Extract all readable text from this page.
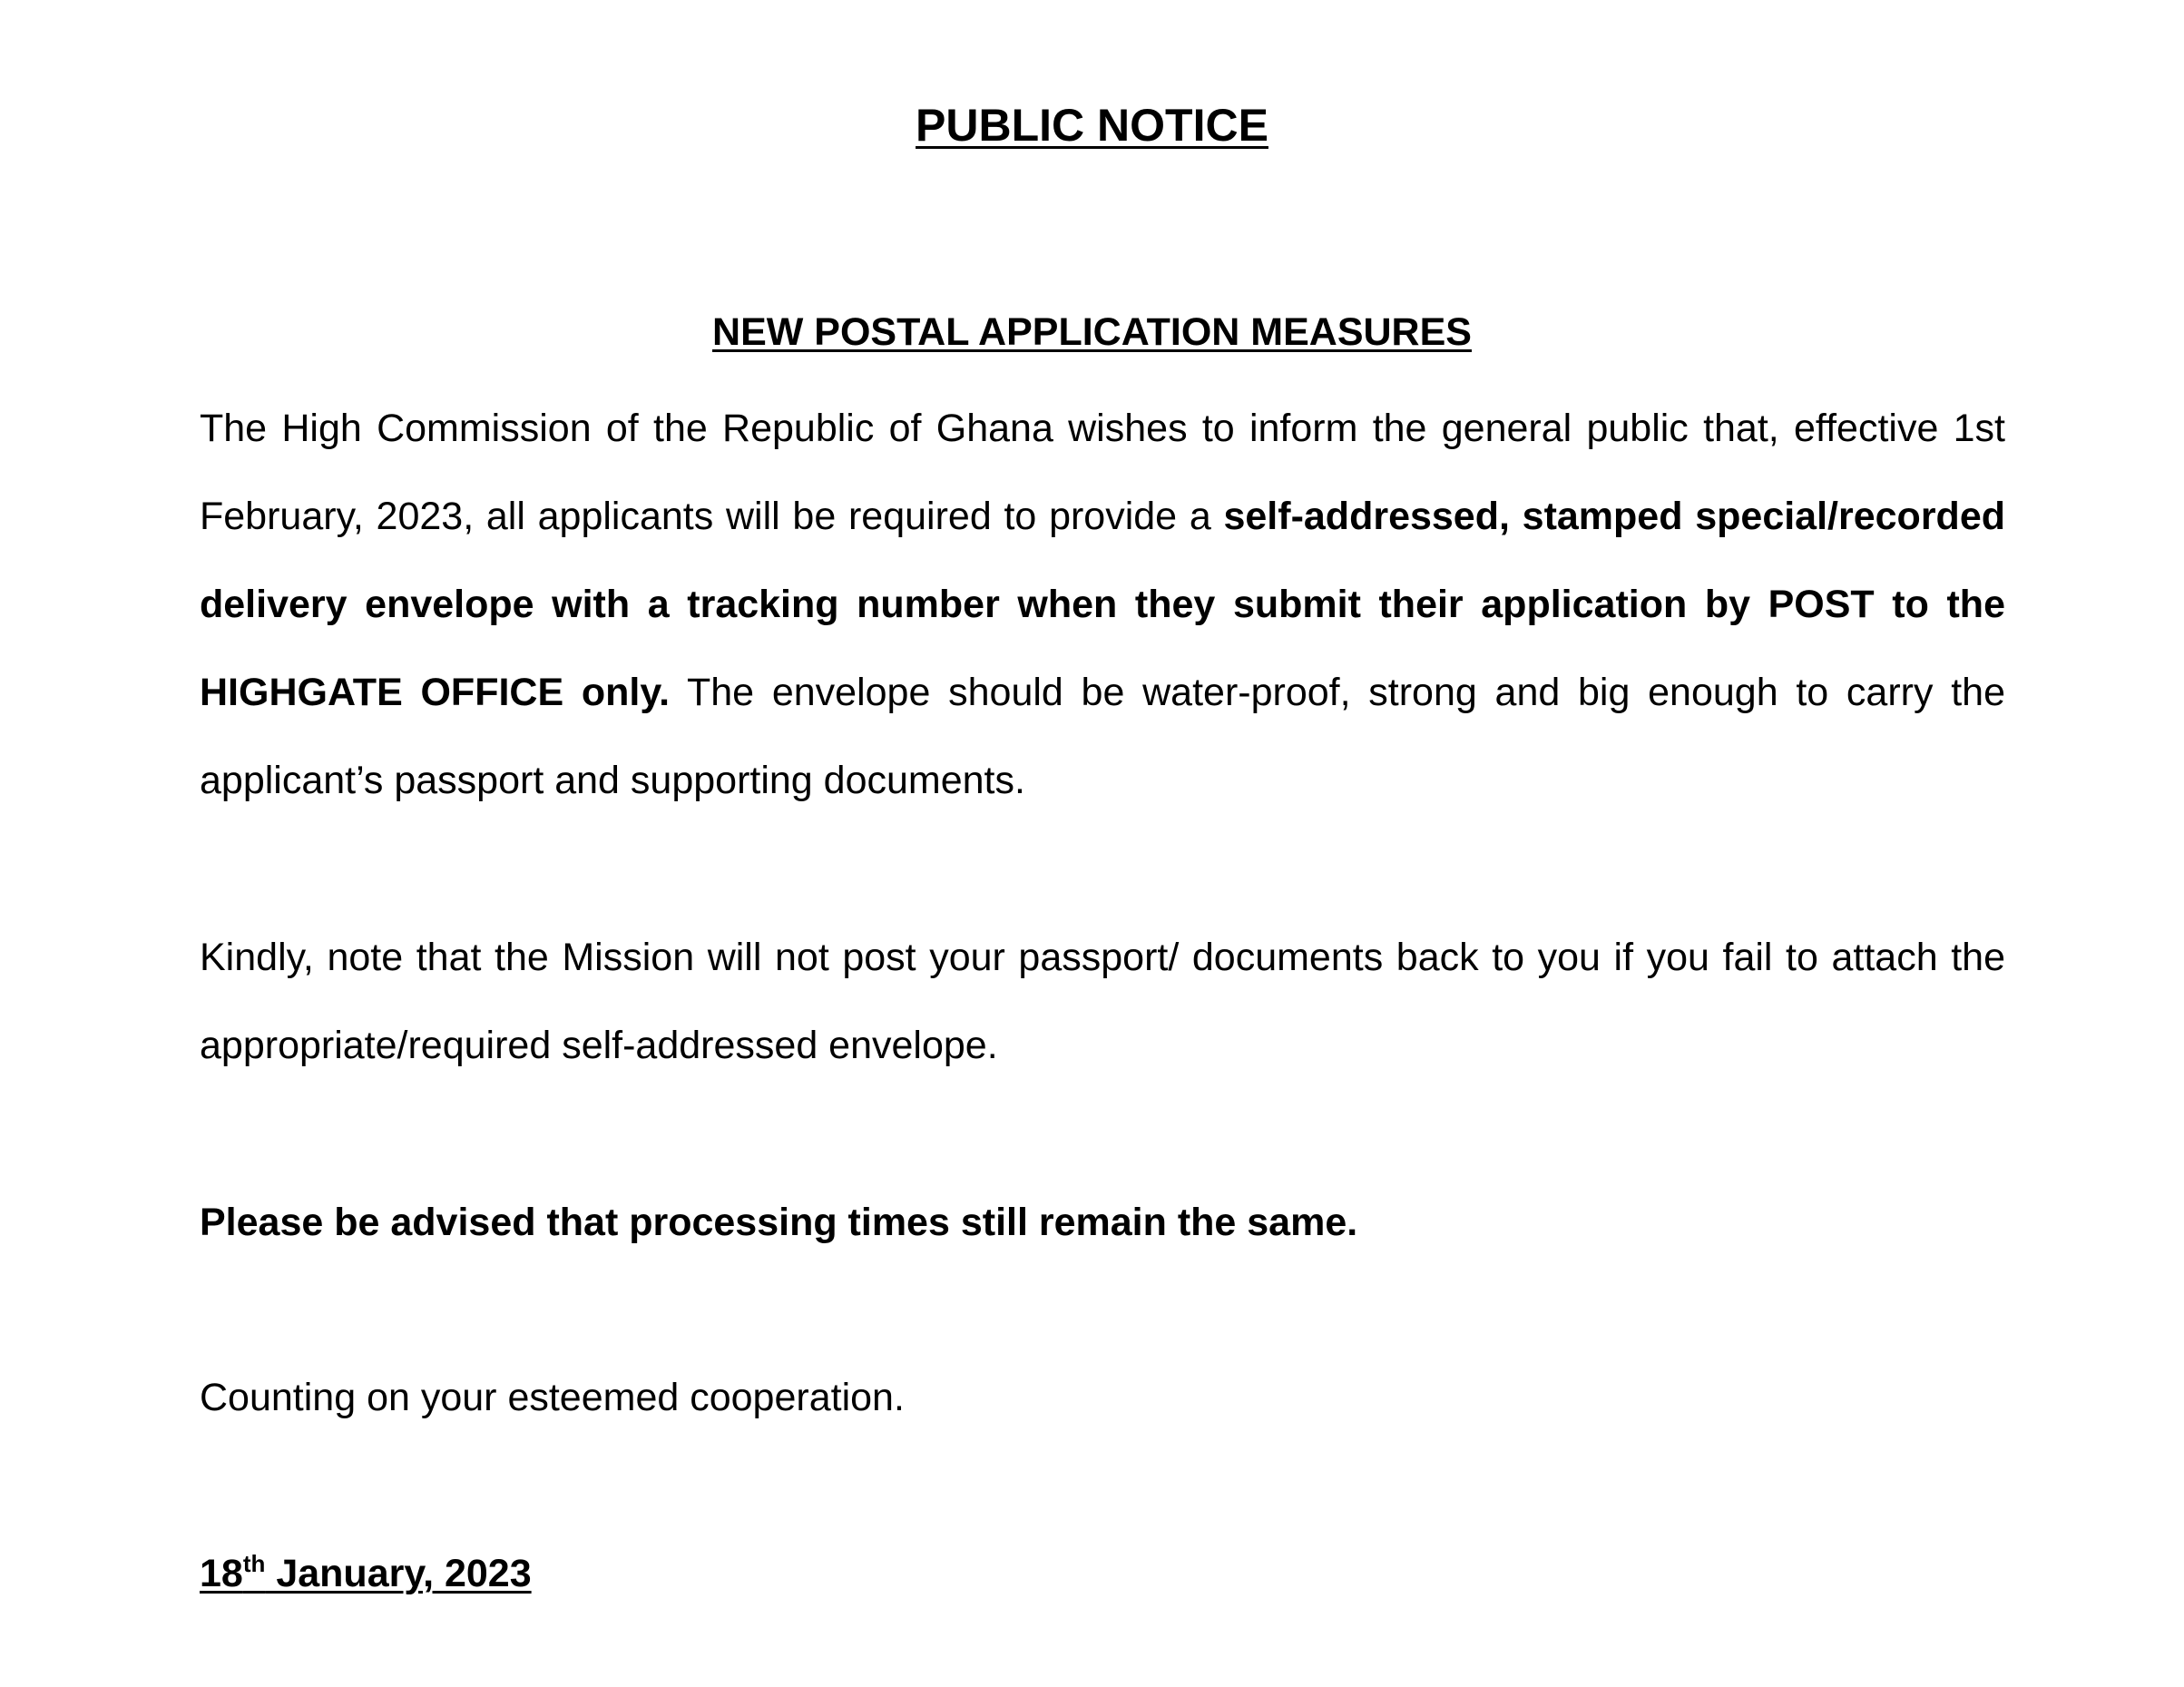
PUBLIC NOTICE
NEW POSTAL APPLICATION MEASURES

The High Commission of the Republic of Ghana wishes to inform the general public that, effective 1st February, 2023, all applicants will be required to provide a self-addressed, stamped special/recorded delivery envelope with a tracking number when they submit their application by POST to the HIGHGATE OFFICE only. The envelope should be water-proof, strong and big enough to carry the applicant’s passport and supporting documents.

Kindly, note that the Mission will not post your passport/ documents back to you if you fail to attach the appropriate/required self-addressed envelope.

Please be advised that processing times still remain the same.

Counting on your esteemed cooperation.

18th January, 2023
